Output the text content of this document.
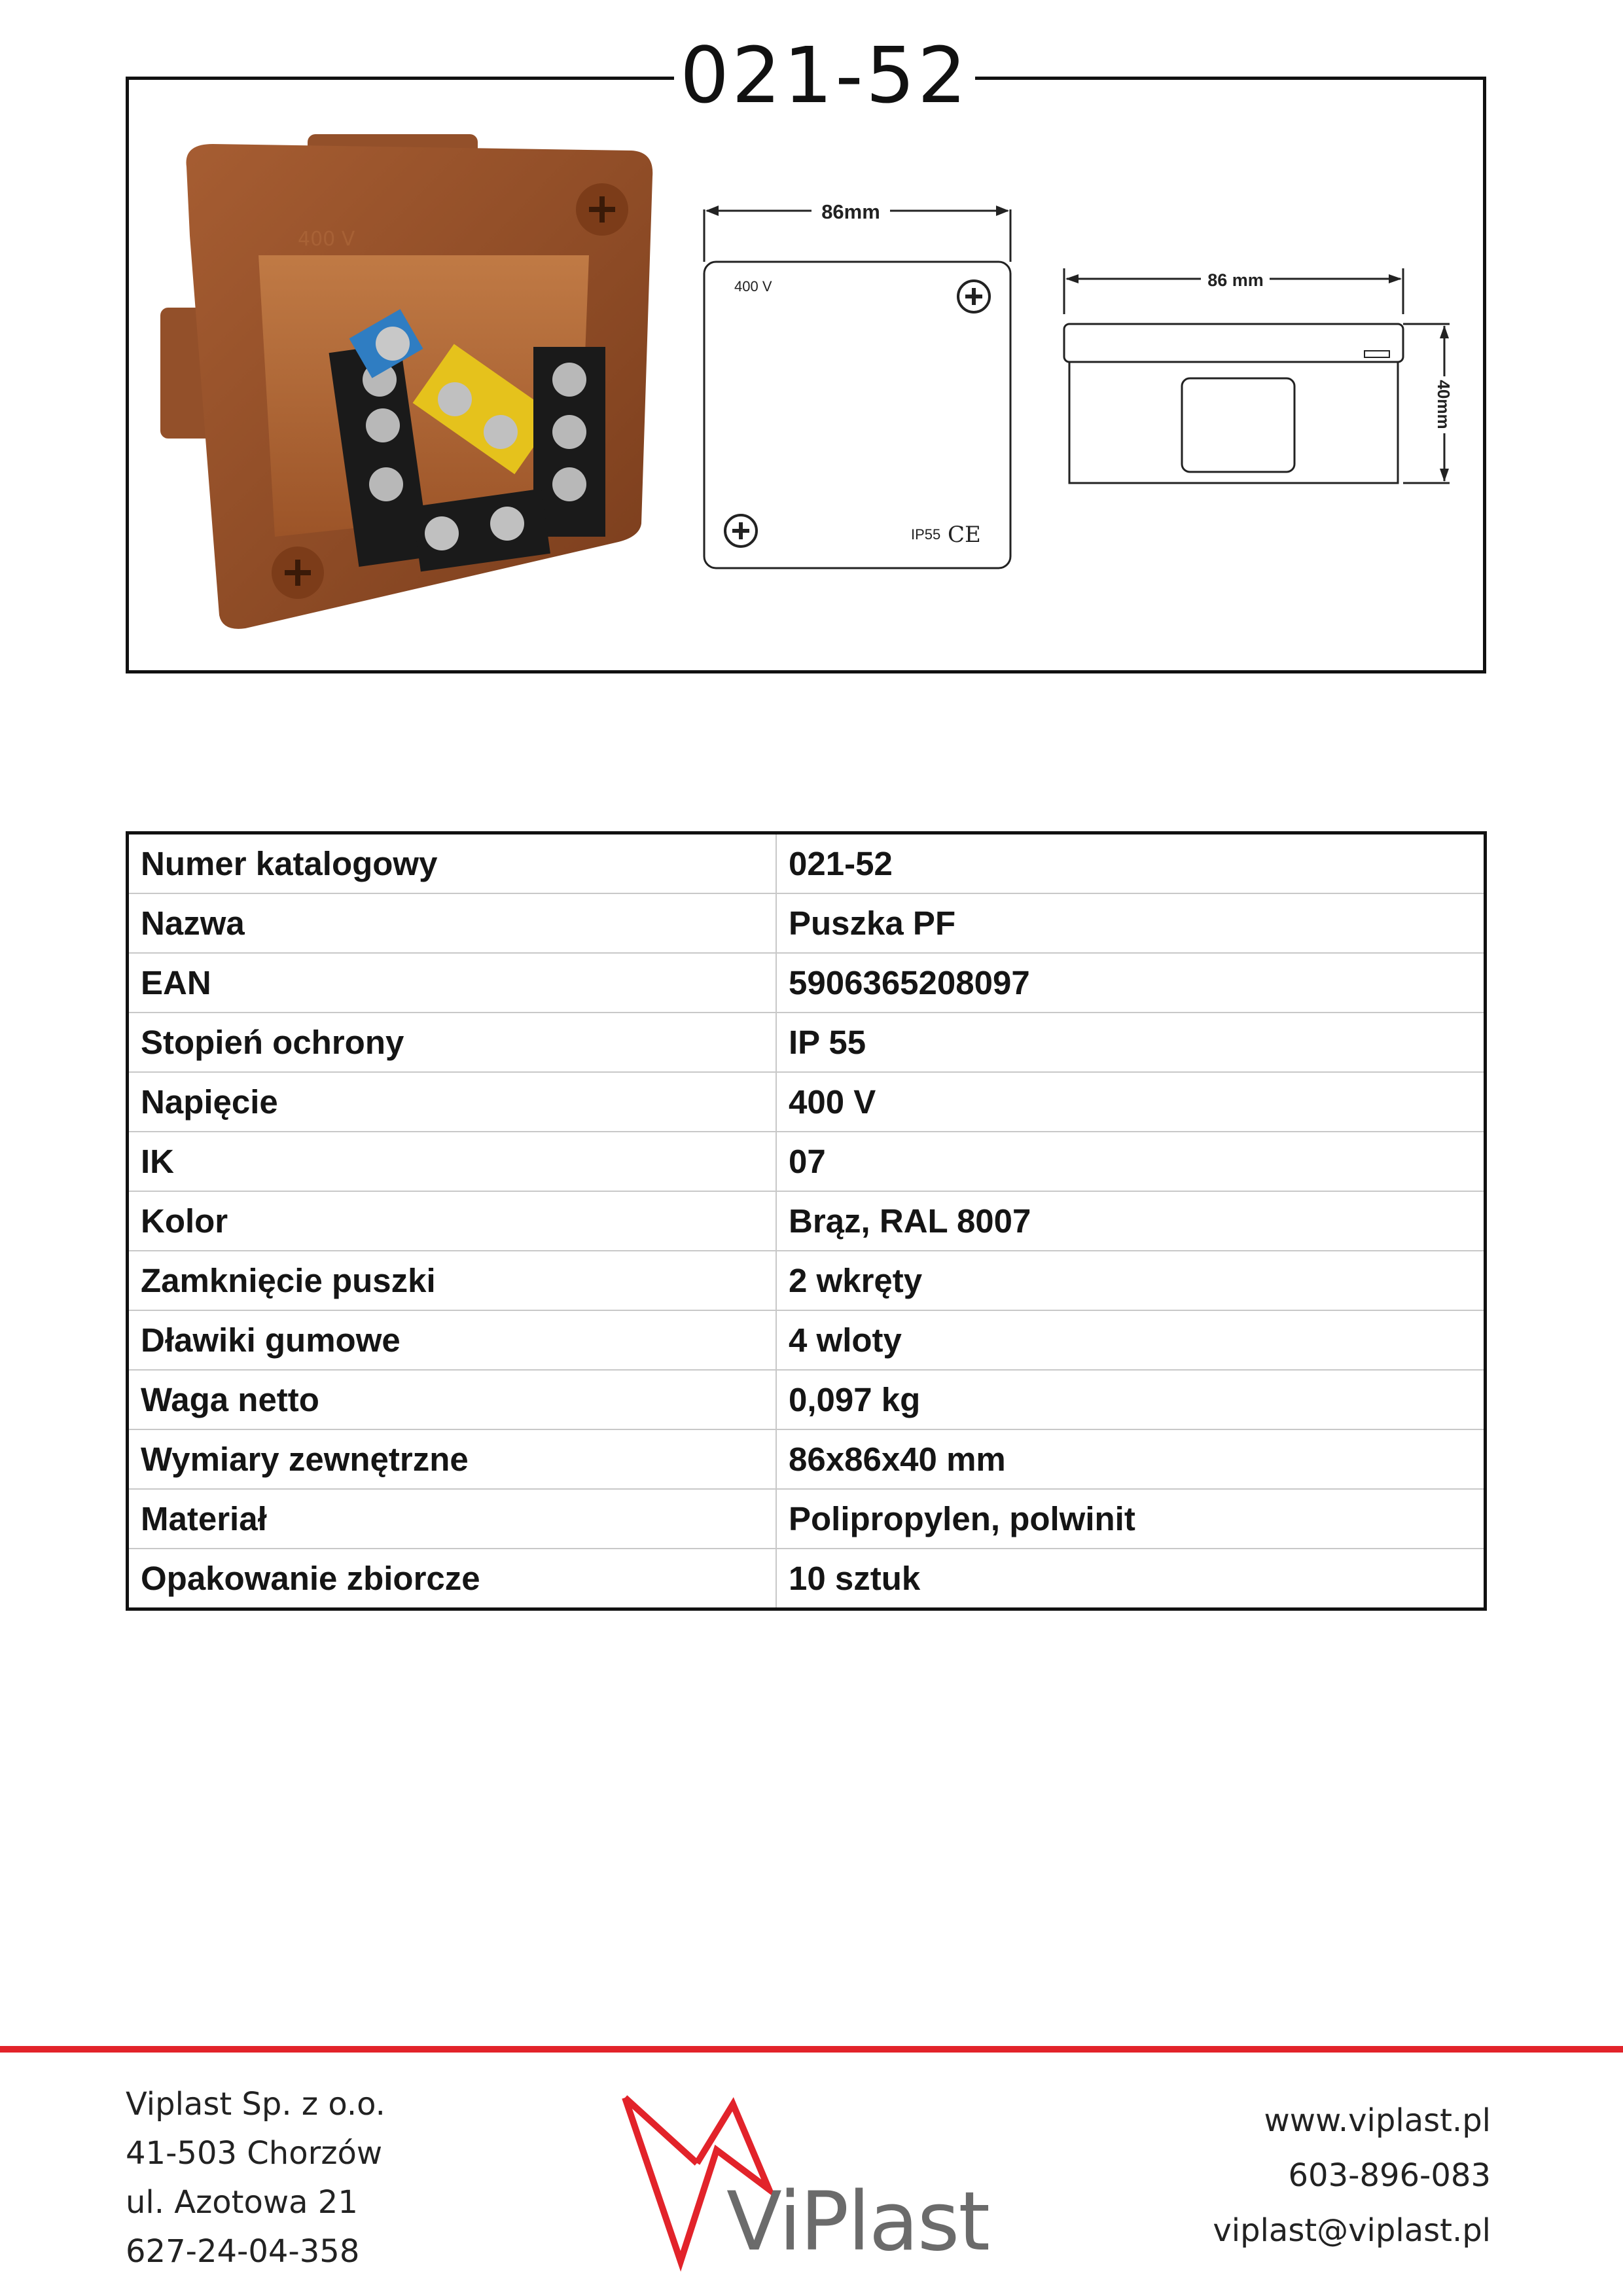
021-52
400 V
86mm
400 V
IP55 CE
86 mm
40mm
Numer katalogowy	021-52
Nazwa	Puszka PF
EAN	5906365208097
Stopień ochrony	IP 55
Napięcie	400 V
IK	07
Kolor	Brąz, RAL 8007
Zamknięcie puszki	2 wkręty
Dławiki gumowe	4 wloty
Waga netto	0,097 kg
Wymiary zewnętrzne	86x86x40 mm
Materiał	Polipropylen, polwinit
Opakowanie zbiorcze	10 sztuk
Viplast Sp. z o.o.
41-503 Chorzów
ul. Azotowa 21
627-24-04-358	ViPlast
www.viplast.pl
603-896-083
viplast@viplast.pl
